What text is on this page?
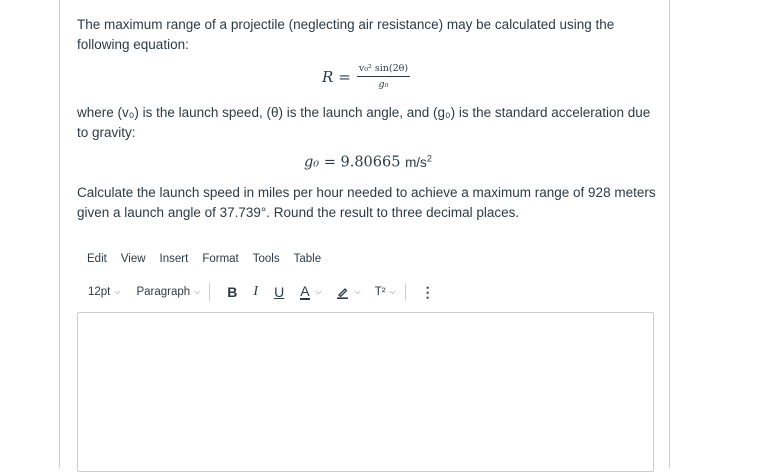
The maximum range of a projectile (neglecting air resistance) may be calculated using the following equation:
$R = \frac{\text{v₀² sin(2θ)}}{\text{g₀}}$
where (v₀) is the launch speed, (θ) is the launch angle, and (g₀) is the standard acceleration due to gravity:
g₀ = 9.80665 $m/s^2$
Calculate the launch speed in miles per hour needed to achieve a maximum range of 928 meters given a launch angle of 37.739°. Round the result to three decimal places.
Edit View Insert Format Tools Table
12pt ⌵ Paragraph ⌵ B I U A ⌵	⌵ T² ⌵ ⋮
